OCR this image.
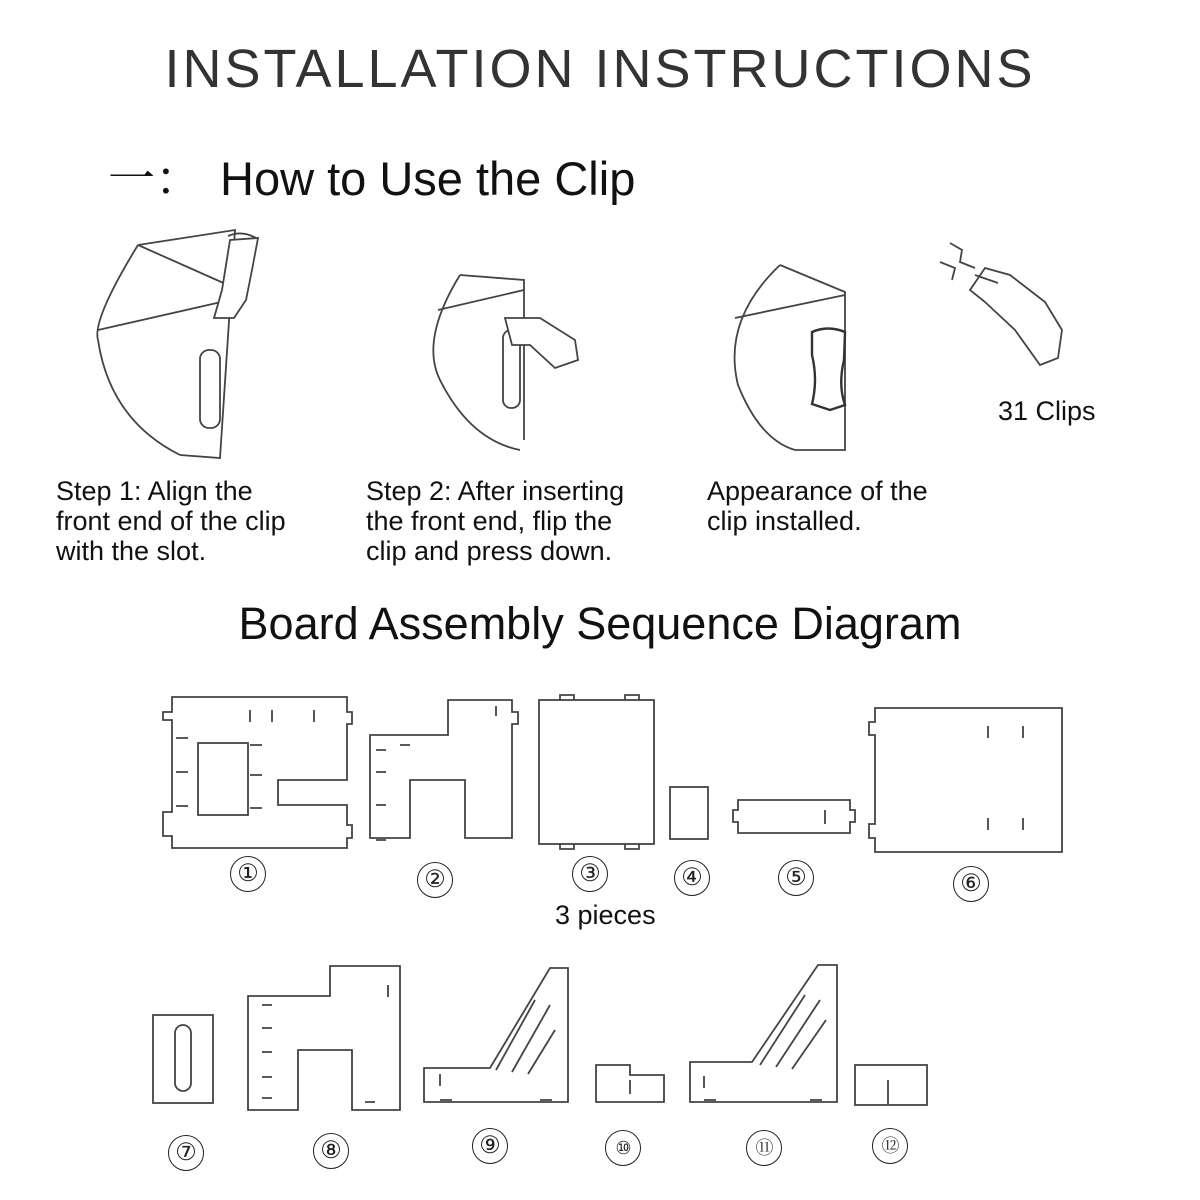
INSTALLATION INSTRUCTIONS
一： How to Use the Clip
Step 1: Align the
front end of the clip
with the slot.
Step 2: After inserting
the front end, flip the
clip and press down.
Appearance of the
clip installed.
31 Clips
Board Assembly Sequence Diagram
①	②	③	④	⑤	⑥
3 pieces
⑦	⑧	⑨	⑩	⑪	⑫
